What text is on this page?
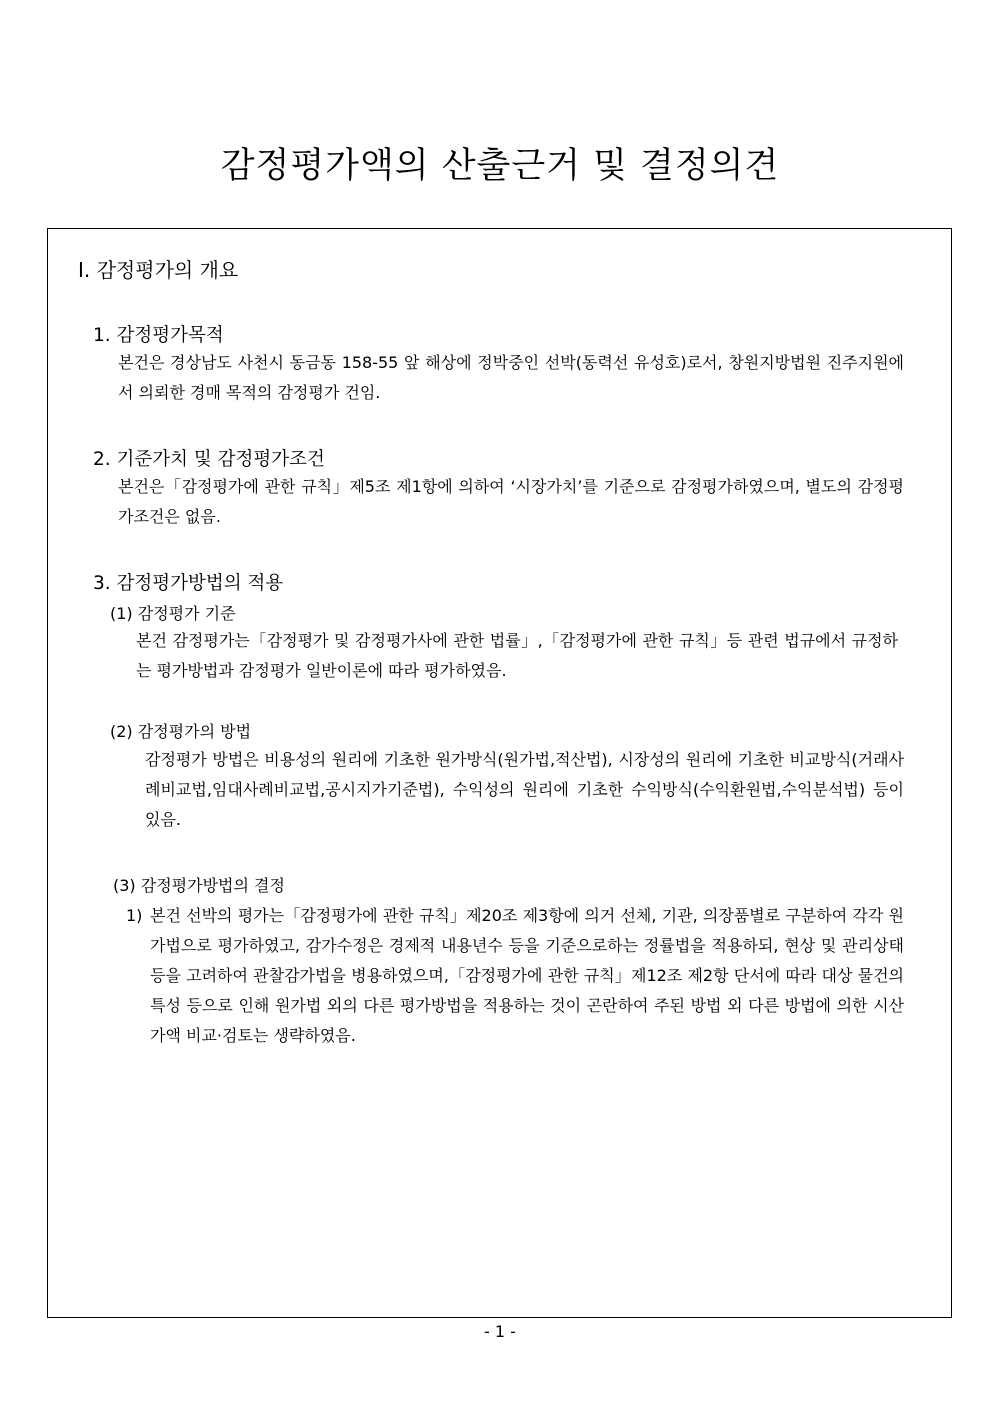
감정평가액의 산출근거 및 결정의견

Ⅰ. 감정평가의 개요

1. 감정평가목적

본건은 경상남도 사천시 동금동 158-55 앞 해상에 정박중인 선박(동력선 유성호)로서, 창원지방법원 진주지원에서 의뢰한 경매 목적의 감정평가 건임.

2. 기준가치 및 감정평가조건

본건은「감정평가에 관한 규칙」제5조 제1항에 의하여 ‘시장가치’를 기준으로 감정평가하였으며, 별도의 감정평가조건은 없음.

3. 감정평가방법의 적용

(1) 감정평가 기준

본건 감정평가는「감정평가 및 감정평가사에 관한 법률」,「감정평가에 관한 규칙」등 관련 법규에서 규정하는 평가방법과 감정평가 일반이론에 따라 평가하였음.

(2) 감정평가의 방법

감정평가 방법은 비용성의 원리에 기초한 원가방식(원가법,적산법), 시장성의 원리에 기초한 비교방식(거래사례비교법,임대사례비교법,공시지가기준법), 수익성의 원리에 기초한 수익방식(수익환원법,수익분석법) 등이 있음.

(3) 감정평가방법의 결정

1) 본건 선박의 평가는「감정평가에 관한 규칙」제20조 제3항에 의거 선체, 기관, 의장품별로 구분하여 각각 원가법으로 평가하였고, 감가수정은 경제적 내용년수 등을 기준으로하는 정률법을 적용하되, 현상 및 관리상태 등을 고려하여 관찰감가법을 병용하였으며,「감정평가에 관한 규칙」제12조 제2항 단서에 따라 대상 물건의 특성 등으로 인해 원가법 외의 다른 평가방법을 적용하는 것이 곤란하여 주된 방법 외 다른 방법에 의한 시산가액 비교·검토는 생략하였음.

- 1 -
